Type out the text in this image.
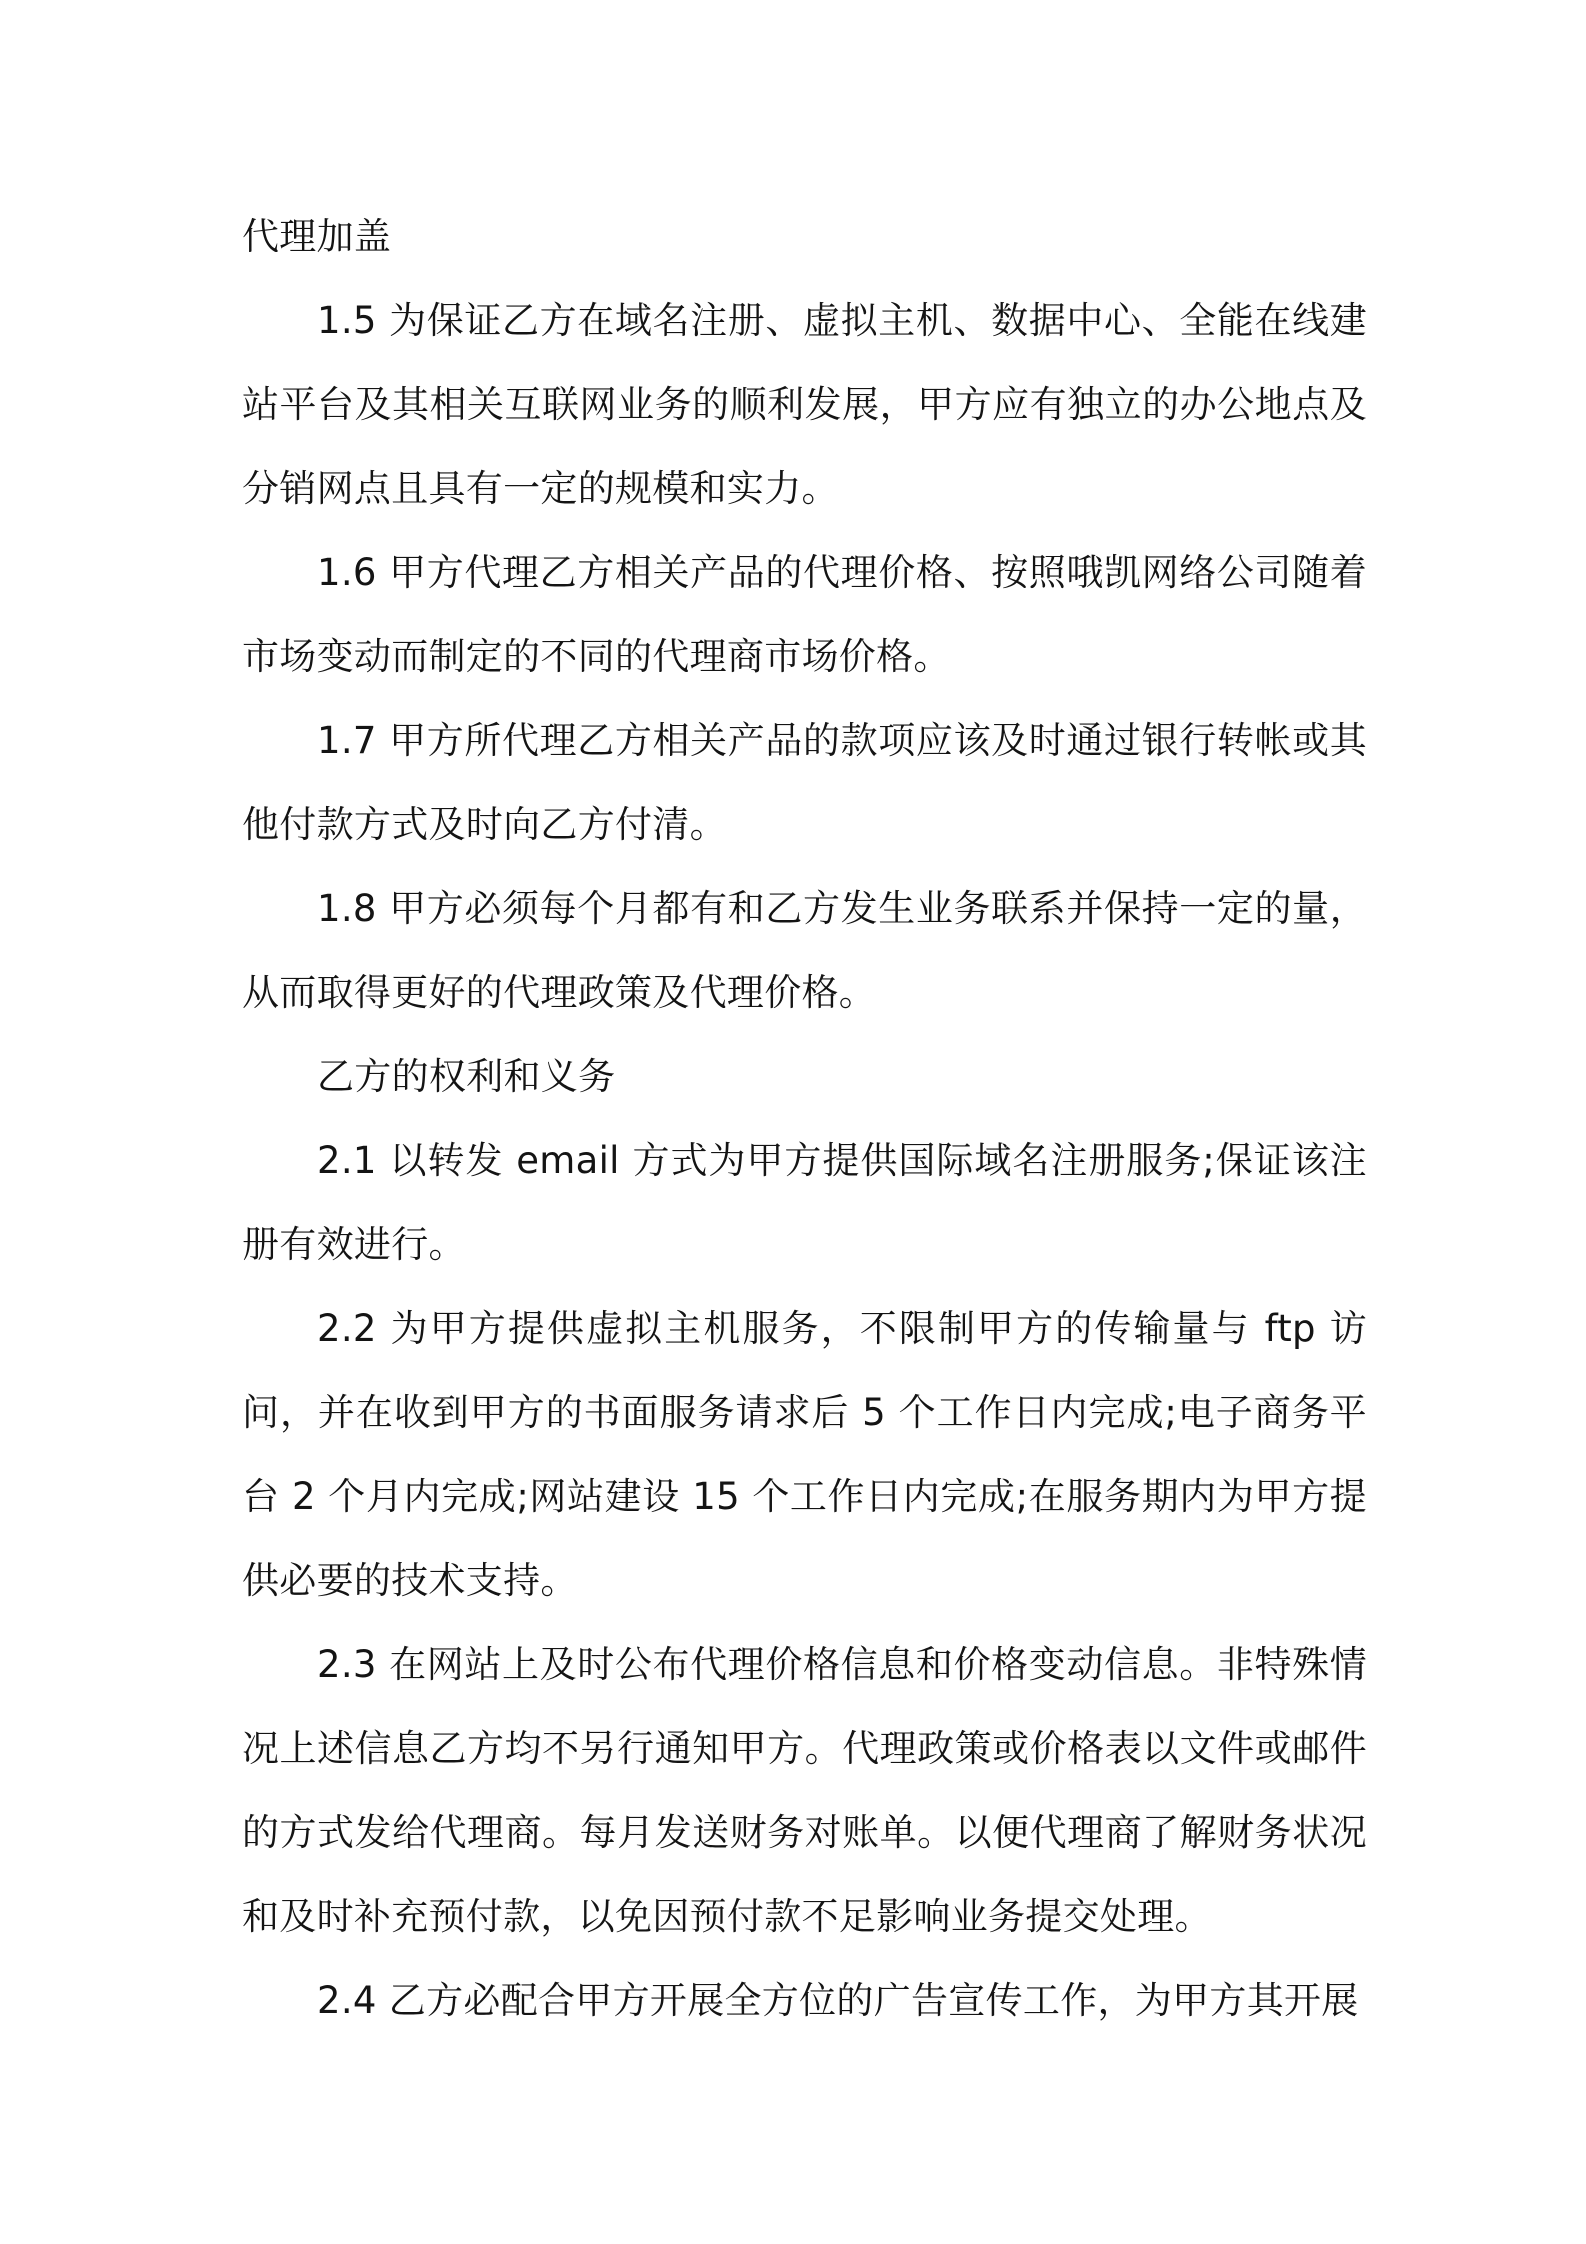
代理加盖

1.5 为保证乙方在域名注册、虚拟主机、数据中心、全能在线建站平台及其相关互联网业务的顺利发展，甲方应有独立的办公地点及分销网点且具有一定的规模和实力。

1.6 甲方代理乙方相关产品的代理价格、按照哦凯网络公司随着市场变动而制定的不同的代理商市场价格。

1.7 甲方所代理乙方相关产品的款项应该及时通过银行转帐或其他付款方式及时向乙方付清。

1.8 甲方必须每个月都有和乙方发生业务联系并保持一定的量，从而取得更好的代理政策及代理价格。

乙方的权利和义务

2.1 以转发 email 方式为甲方提供国际域名注册服务;保证该注册有效进行。

2.2 为甲方提供虚拟主机服务，不限制甲方的传输量与 ftp 访问，并在收到甲方的书面服务请求后 5 个工作日内完成;电子商务平台 2 个月内完成;网站建设 15 个工作日内完成;在服务期内为甲方提供必要的技术支持。

2.3 在网站上及时公布代理价格信息和价格变动信息。非特殊情况上述信息乙方均不另行通知甲方。代理政策或价格表以文件或邮件的方式发给代理商。每月发送财务对账单。以便代理商了解财务状况和及时补充预付款，以免因预付款不足影响业务提交处理。

2.4 乙方必配合甲方开展全方位的广告宣传工作，为甲方其开展
